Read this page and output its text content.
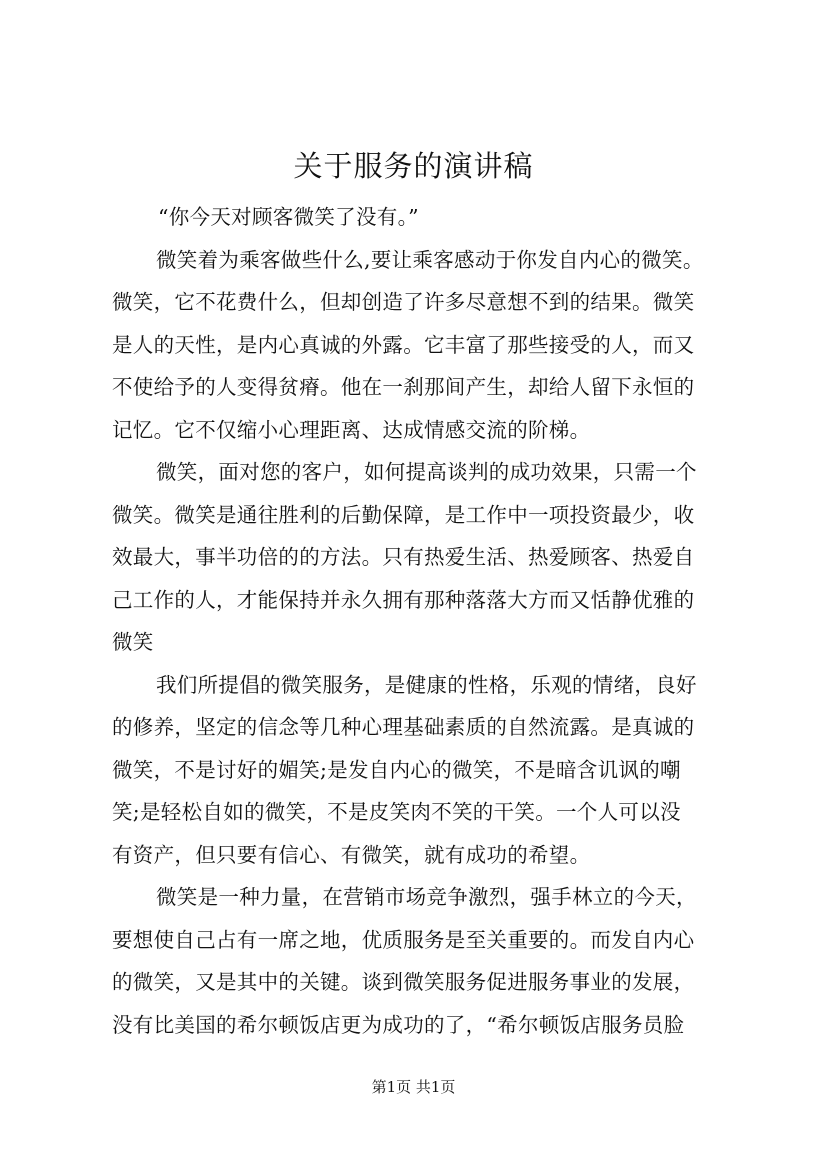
关于服务的演讲稿
“你今天对顾客微笑了没有。”
微笑着为乘客做些什么,要让乘客感动于你发自内心的微笑。
微笑，它不花费什么，但却创造了许多尽意想不到的结果。微笑
是人的天性，是内心真诚的外露。它丰富了那些接受的人，而又
不使给予的人变得贫瘠。他在一刹那间产生，却给人留下永恒的
记忆。它不仅缩小心理距离、达成情感交流的阶梯。
微笑，面对您的客户，如何提高谈判的成功效果，只需一个
微笑。微笑是通往胜利的后勤保障，是工作中一项投资最少，收
效最大，事半功倍的的方法。只有热爱生活、热爱顾客、热爱自
己工作的人，才能保持并永久拥有那种落落大方而又恬静优雅的
微笑
我们所提倡的微笑服务，是健康的性格，乐观的情绪，良好
的修养，坚定的信念等几种心理基础素质的自然流露。是真诚的
微笑，不是讨好的媚笑;是发自内心的微笑，不是暗含讥讽的嘲
笑;是轻松自如的微笑，不是皮笑肉不笑的干笑。一个人可以没
有资产，但只要有信心、有微笑，就有成功的希望。
微笑是一种力量，在营销市场竞争激烈，强手林立的今天，
要想使自己占有一席之地，优质服务是至关重要的。而发自内心
的微笑，又是其中的关键。谈到微笑服务促进服务事业的发展，
没有比美国的希尔顿饭店更为成功的了，“希尔顿饭店服务员脸
第1页 共1页
